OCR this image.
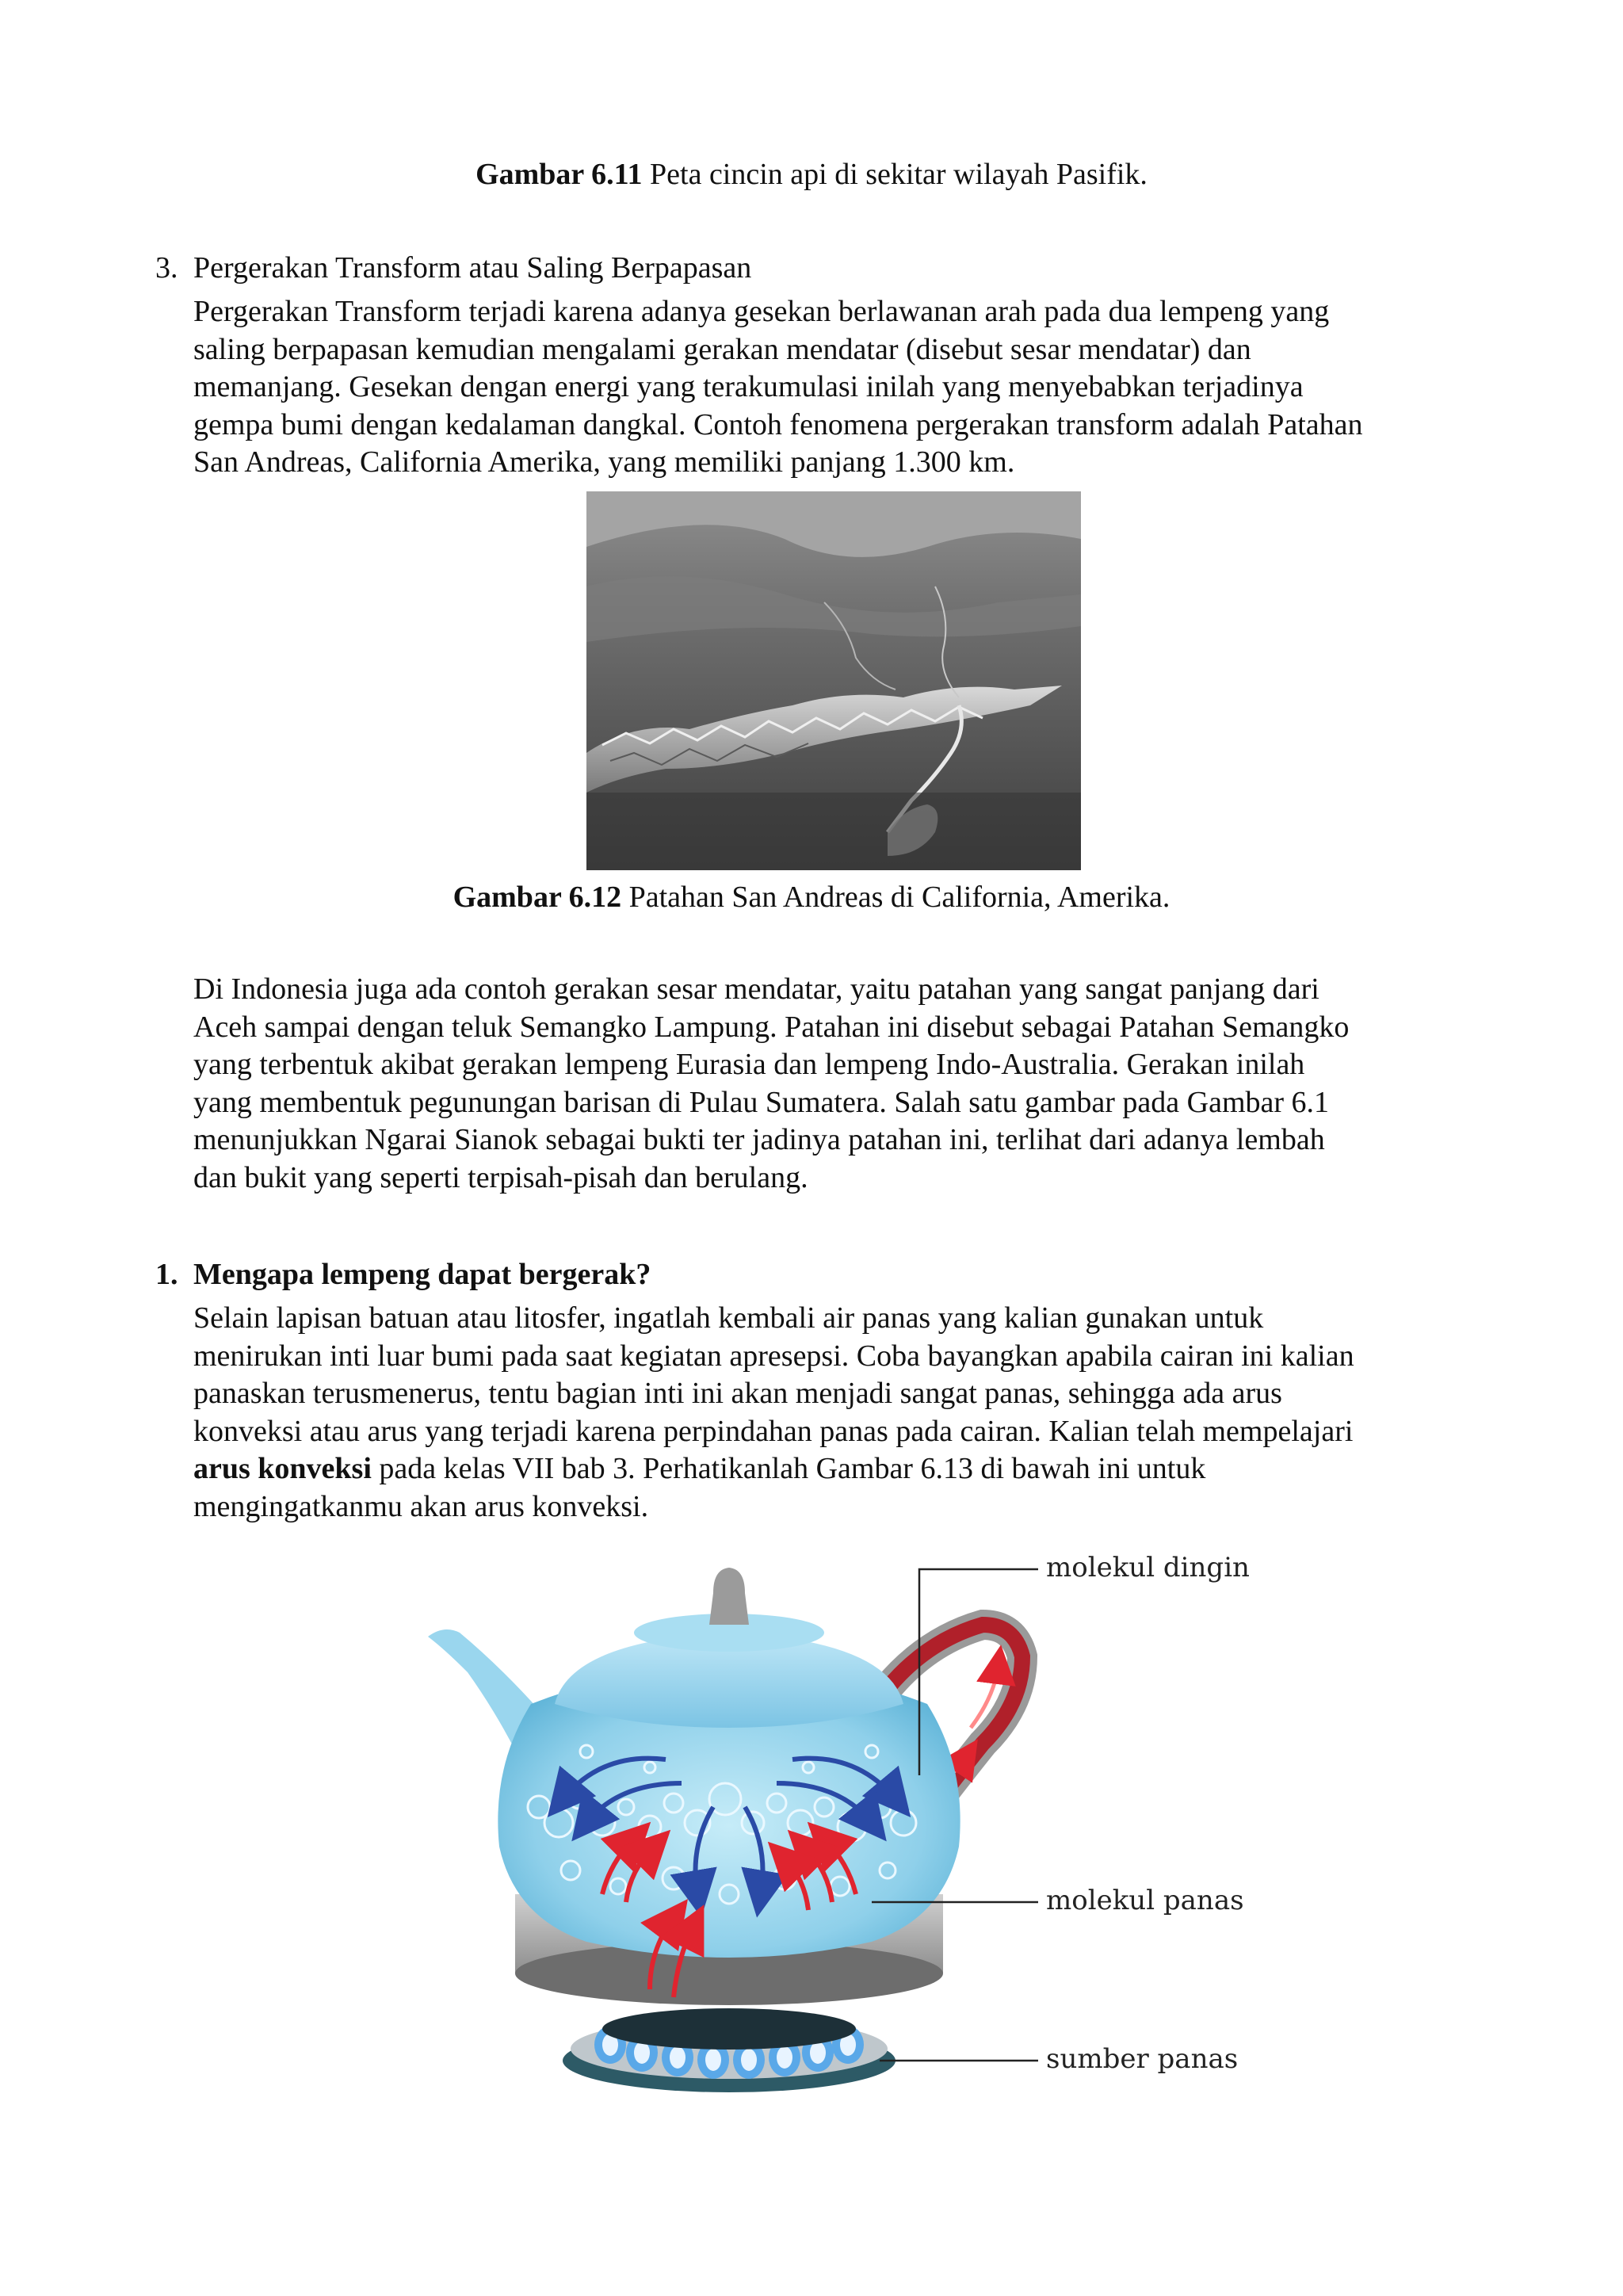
Gambar 6.11 Peta cincin api di sekitar wilayah Pasifik.
3. Pergerakan Transform atau Saling Berpapasan
Pergerakan Transform terjadi karena adanya gesekan berlawanan arah pada dua lempeng yang
saling berpapasan kemudian mengalami gerakan mendatar (disebut sesar mendatar) dan
memanjang. Gesekan dengan energi yang terakumulasi inilah yang menyebabkan terjadinya
gempa bumi dengan kedalaman dangkal. Contoh fenomena pergerakan transform adalah Patahan
San Andreas, California Amerika, yang memiliki panjang 1.300 km.
Gambar 6.12 Patahan San Andreas di California, Amerika.
Di Indonesia juga ada contoh gerakan sesar mendatar, yaitu patahan yang sangat panjang dari
Aceh sampai dengan teluk Semangko Lampung. Patahan ini disebut sebagai Patahan Semangko
yang terbentuk akibat gerakan lempeng Eurasia dan lempeng Indo-Australia. Gerakan inilah
yang membentuk pegunungan barisan di Pulau Sumatera. Salah satu gambar pada Gambar 6.1
menunjukkan Ngarai Sianok sebagai bukti ter jadinya patahan ini, terlihat dari adanya lembah
dan bukit yang seperti terpisah-pisah dan berulang.
1. Mengapa lempeng dapat bergerak?
Selain lapisan batuan atau litosfer, ingatlah kembali air panas yang kalian gunakan untuk
menirukan inti luar bumi pada saat kegiatan apresepsi. Coba bayangkan apabila cairan ini kalian
panaskan terusmenerus, tentu bagian inti ini akan menjadi sangat panas, sehingga ada arus
konveksi atau arus yang terjadi karena perpindahan panas pada cairan. Kalian telah mempelajari
arus konveksi pada kelas VII bab 3. Perhatikanlah Gambar 6.13 di bawah ini untuk
mengingatkanmu akan arus konveksi.
molekul dingin
molekul panas
sumber panas
